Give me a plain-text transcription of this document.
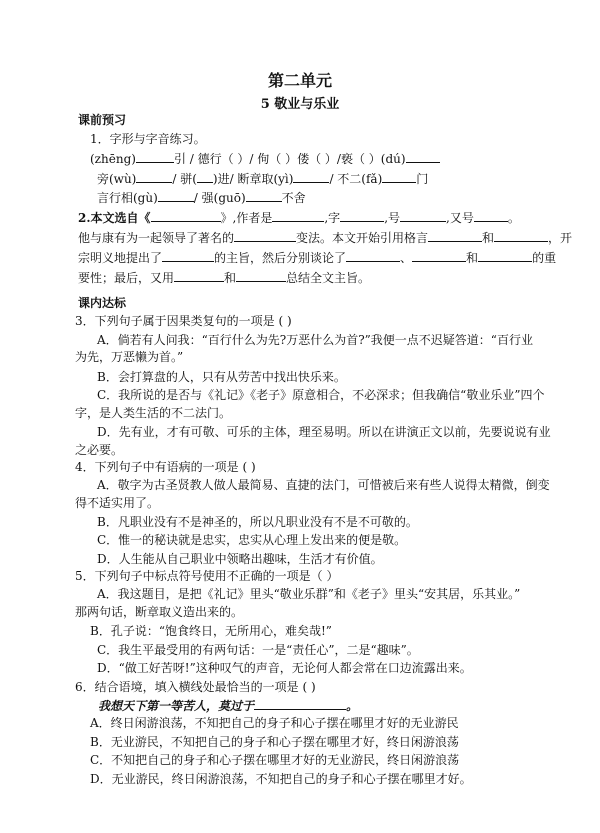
第二单元
5 敬业与乐业
课前预习
1．字形与字音练习。
(zhēng)	引 / 德行（ ）/ 佝（ ）偻（ ）/亵（ ）(dú)
旁(wù)	/ 骈( )进/ 断章取(yì)	/ 不二(fǎ)	门
言行相(gù)	/ 强(guō)	不舍
2.本文选自《	》,作者是	,字	,号	,又号	。
他与康有为一起领导了著名的	变法。本文开始引用格言	和	，开
宗明义地提出了	的主旨，然后分别谈论了	、	和	的重
要性；最后，又用	和	总结全文主旨。
课内达标
3．下列句子属于因果类复句的一项是 ( )
A．倘若有人问我：“百行什么为先?万恶什么为首?”我便一点不迟疑答道：“百行业
为先，万恶懒为首。”
B．会打算盘的人，只有从劳苦中找出快乐来。
C．我所说的是否与《礼记》《老子》原意相合，不必深求；但我确信“敬业乐业”四个
字，是人类生活的不二法门。
D．先有业，才有可敬、可乐的主体，理至易明。所以在讲演正文以前，先要说说有业
之必要。
4．下列句子中有语病的一项是 ( )
A．敬字为古圣贤教人做人最简易、直捷的法门，可惜被后来有些人说得太精微，倒变
得不适实用了。
B．凡职业没有不是神圣的，所以凡职业没有不是不可敬的。
C．惟一的秘诀就是忠实，忠实从心理上发出来的便是敬。
D．人生能从自己职业中领略出趣味，生活才有价值。
5．下列句子中标点符号使用不正确的一项是（ ）
A．我这题目，是把《礼记》里头“敬业乐群”和《老子》里头“安其居，乐其业。”
那两句话，断章取义造出来的。
B．孔子说：“饱食终日，无所用心，难矣哉!”
C．我生平最受用的有两句话：一是“责任心”，二是“趣味”。
D．“做工好苦呀!”这种叹气的声音，无论何人都会常在口边流露出来。
6．结合语境，填入横线处最恰当的一项是 ( )
我想天下第一等苦人，莫过于	。
A．终日闲游浪荡，不知把自己的身子和心子摆在哪里才好的无业游民
B．无业游民，不知把自己的身子和心子摆在哪里才好，终日闲游浪荡
C．不知把自己的身子和心子摆在哪里才好的无业游民，终日闲游浪荡
D．无业游民，终日闲游浪荡，不知把自己的身子和心子摆在哪里才好。
